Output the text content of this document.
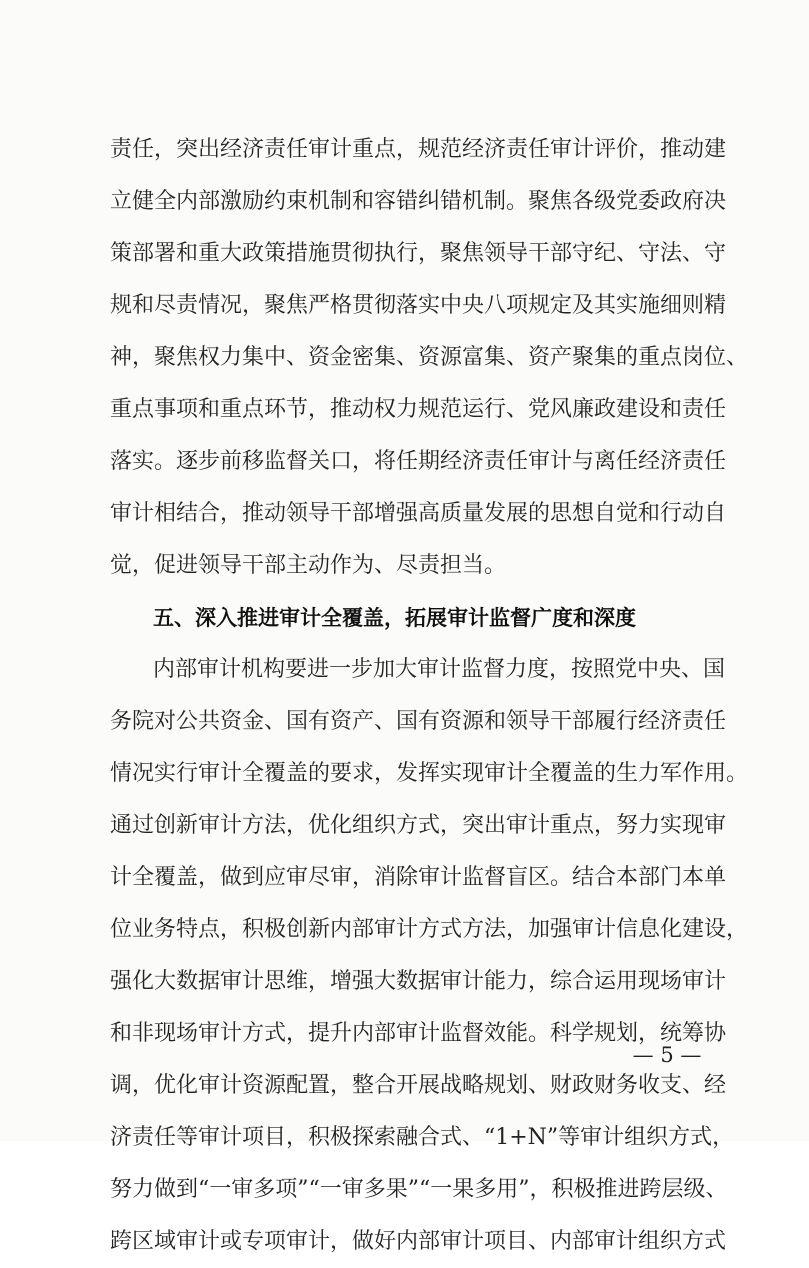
责任，突出经济责任审计重点，规范经济责任审计评价，推动建
立健全内部激励约束机制和容错纠错机制。聚焦各级党委政府决
策部署和重大政策措施贯彻执行，聚焦领导干部守纪、守法、守
规和尽责情况，聚焦严格贯彻落实中央八项规定及其实施细则精
神，聚焦权力集中、资金密集、资源富集、资产聚集的重点岗位、
重点事项和重点环节，推动权力规范运行、党风廉政建设和责任
落实。逐步前移监督关口，将任期经济责任审计与离任经济责任
审计相结合，推动领导干部增强高质量发展的思想自觉和行动自
觉，促进领导干部主动作为、尽责担当。
五、深入推进审计全覆盖，拓展审计监督广度和深度
内部审计机构要进一步加大审计监督力度，按照党中央、国
务院对公共资金、国有资产、国有资源和领导干部履行经济责任
情况实行审计全覆盖的要求，发挥实现审计全覆盖的生力军作用。
通过创新审计方法，优化组织方式，突出审计重点，努力实现审
计全覆盖，做到应审尽审，消除审计监督盲区。结合本部门本单
位业务特点，积极创新内部审计方式方法，加强审计信息化建设，
强化大数据审计思维，增强大数据审计能力，综合运用现场审计
和非现场审计方式，提升内部审计监督效能。科学规划，统筹协
调，优化审计资源配置，整合开展战略规划、财政财务收支、经
济责任等审计项目，积极探索融合式、“1+N”等审计组织方式，
努力做到“一审多项”“一审多果”“一果多用”，积极推进跨层级、
跨区域审计或专项审计，做好内部审计项目、内部审计组织方式
— 5 —
